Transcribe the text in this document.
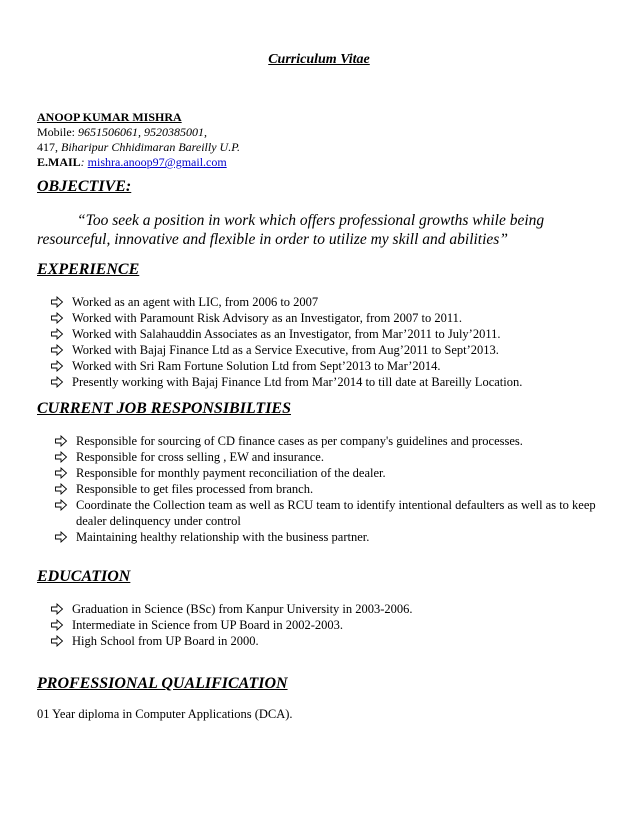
Curriculum Vitae
ANOOP KUMAR MISHRA
Mobile: 9651506061, 9520385001,
417, Biharipur Chhidimaran Bareilly U.P.
E.MAIL: mishra.anoop97@gmail.com
OBJECTIVE:
“Too seek a position in work which offers professional growths while being resourceful, innovative and flexible in order to utilize my skill and abilities”
EXPERIENCE
Worked as an agent with LIC, from 2006 to 2007
Worked with Paramount Risk Advisory as an Investigator, from 2007 to 2011.
Worked with Salahauddin Associates as an Investigator, from Mar’2011 to July’2011.
Worked with Bajaj Finance Ltd as a Service Executive, from Aug’2011 to Sept’2013.
Worked with Sri Ram Fortune Solution Ltd from Sept’2013 to Mar’2014.
Presently working with Bajaj Finance Ltd from Mar’2014 to till date at Bareilly Location.
CURRENT JOB RESPONSIBILTIES
Responsible for sourcing of CD finance cases as per company's guidelines and processes.
Responsible for cross selling , EW and insurance.
Responsible for monthly payment reconciliation of the dealer.
Responsible to get files processed from branch.
Coordinate the Collection team as well as RCU team to identify intentional defaulters as well as to keep dealer delinquency under control
Maintaining healthy relationship with the business partner.
EDUCATION
Graduation in Science (BSc) from Kanpur University in 2003-2006.
Intermediate in Science from UP Board in 2002-2003.
High School from UP Board in 2000.
PROFESSIONAL QUALIFICATION
01 Year diploma in Computer Applications (DCA).
